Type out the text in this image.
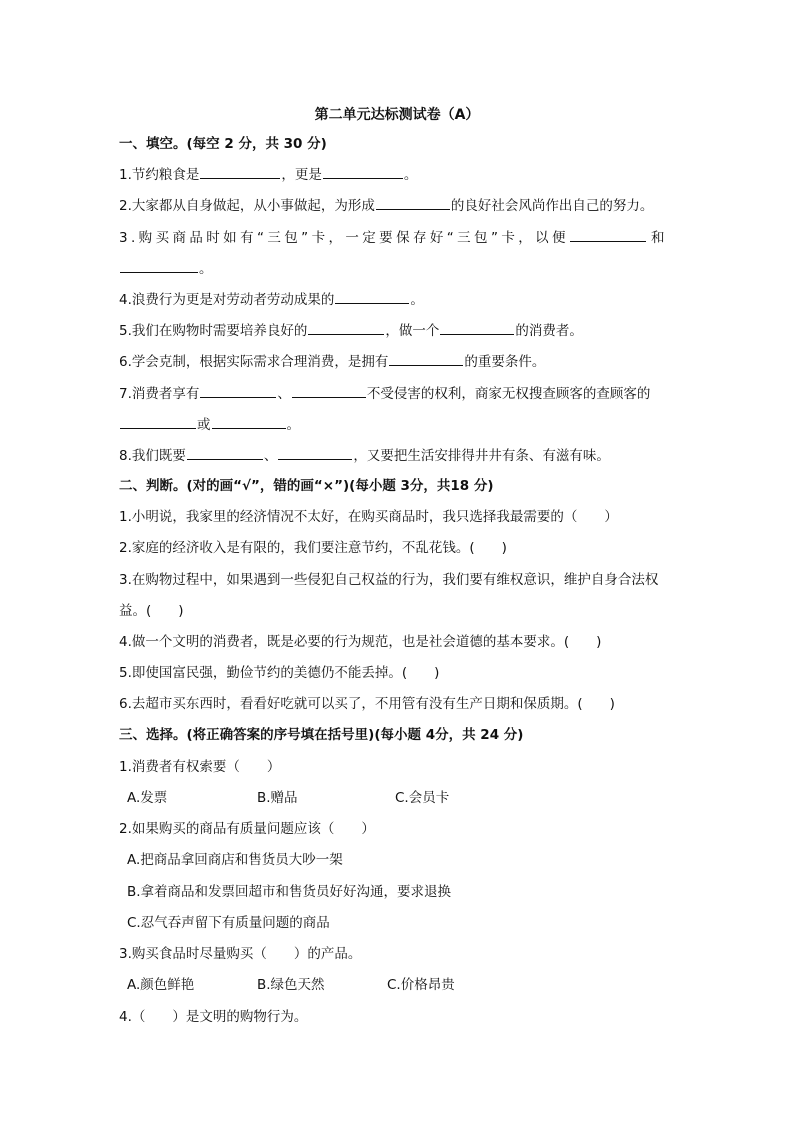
第二单元达标测试卷（A）
一、填空。(每空 2 分，共 30 分)
1.节约粮食是	，更是	。
2.大家都从自身做起，从小事做起，为形成	的良好社会风尚作出自己的努力。
3.购买商品时如有“三包”卡，一定要保存好“三包”卡，以便	和
。
4.浪费行为更是对劳动者劳动成果的	。
5.我们在购物时需要培养良好的	，做一个	的消费者。
6.学会克制，根据实际需求合理消费，是拥有	的重要条件。
7.消费者享有	、	不受侵害的权利，商家无权搜查顾客的查顾客的
或	。
8.我们既要	、	，又要把生活安排得井井有条、有滋有味。
二、判断。(对的画“√”，错的画“×”)(每小题 3分，共18 分)
1.小明说，我家里的经济情况不太好，在购买商品时，我只选择我最需要的（　　）
2.家庭的经济收入是有限的，我们要注意节约，不乱花钱。(　　)
3.在购物过程中，如果遇到一些侵犯自己权益的行为，我们要有维权意识，维护自身合法权
益。(　　)
4.做一个文明的消费者，既是必要的行为规范，也是社会道德的基本要求。(　　)
5.即使国富民强，勤俭节约的美德仍不能丢掉。(　　)
6.去超市买东西时，看看好吃就可以买了，不用管有没有生产日期和保质期。(　　)
三、选择。(将正确答案的序号填在括号里)(每小题 4分，共 24 分)
1.消费者有权索要（　　）
A.发票	B.赠品	C.会员卡
2.如果购买的商品有质量问题应该（　　）
A.把商品拿回商店和售货员大吵一架
B.拿着商品和发票回超市和售货员好好沟通，要求退换
C.忍气吞声留下有质量问题的商品
3.购买食品时尽量购买（　　）的产品。
A.颜色鲜艳	B.绿色天然	C.价格昂贵
4.（　　）是文明的购物行为。
